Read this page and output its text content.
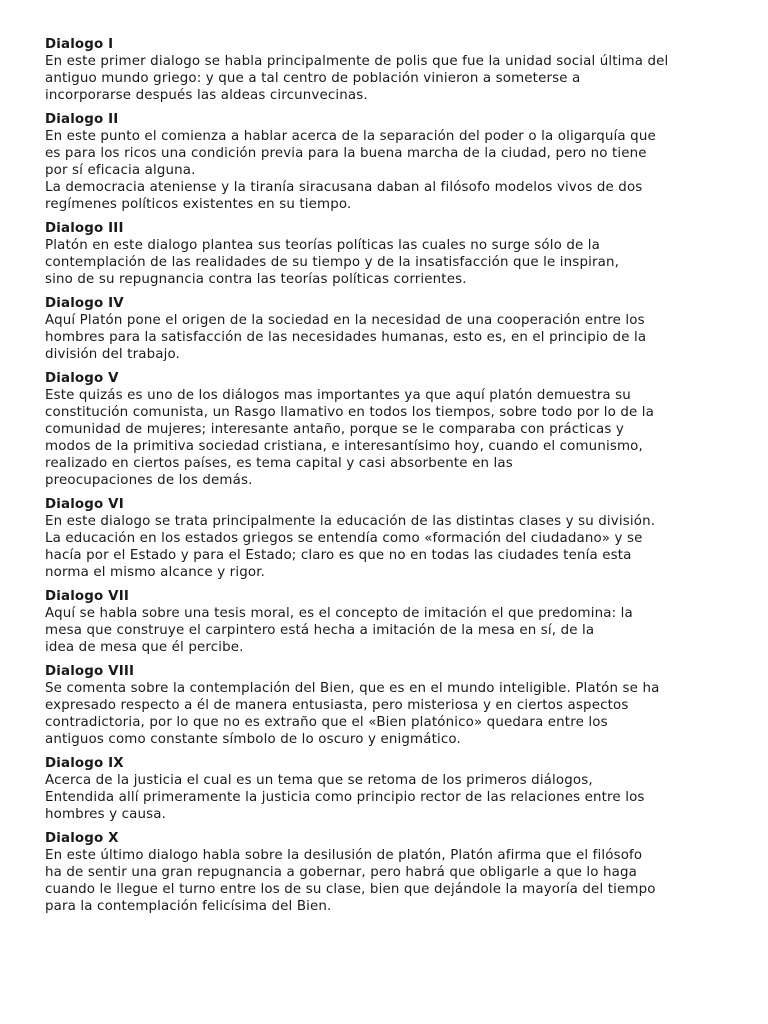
Dialogo I

En este primer dialogo se habla principalmente de polis que fue la unidad social última del
antiguo mundo griego: y que a tal centro de población vinieron a someterse a
incorporarse después las aldeas circunvecinas.

Dialogo II

En este punto el comienza a hablar acerca de la separación del poder o la oligarquía que
es para los ricos una condición previa para la buena marcha de la ciudad, pero no tiene
por sí eficacia alguna.

La democracia ateniense y la tiranía siracusana daban al filósofo modelos vivos de dos
regímenes políticos existentes en su tiempo.

Dialogo III

Platón en este dialogo plantea sus teorías políticas las cuales no surge sólo de la
contemplación de las realidades de su tiempo y de la insatisfacción que le inspiran,
sino de su repugnancia contra las teorías políticas corrientes.

Dialogo IV

Aquí Platón pone el origen de la sociedad en la necesidad de una cooperación entre los
hombres para la satisfacción de las necesidades humanas, esto es, en el principio de la
división del trabajo.

Dialogo V

Este quizás es uno de los diálogos mas importantes ya que aquí platón demuestra su
constitución comunista, un Rasgo llamativo en todos los tiempos, sobre todo por lo de la
comunidad de mujeres; interesante antaño, porque se le comparaba con prácticas y
modos de la primitiva sociedad cristiana, e interesantísimo hoy, cuando el comunismo,
realizado en ciertos países, es tema capital y casi absorbente en las
preocupaciones de los demás.

Dialogo VI

En este dialogo se trata principalmente la educación de las distintas clases y su división.
La educación en los estados griegos se entendía como «formación del ciudadano» y se
hacía por el Estado y para el Estado; claro es que no en todas las ciudades tenía esta
norma el mismo alcance y rigor.

Dialogo VII

Aquí se habla sobre una tesis moral, es el concepto de imitación el que predomina: la
mesa que construye el carpintero está hecha a imitación de la mesa en sí, de la
idea de mesa que él percibe.

Dialogo VIII

Se comenta sobre la contemplación del Bien, que es en el mundo inteligible. Platón se ha
expresado respecto a él de manera entusiasta, pero misteriosa y en ciertos aspectos
contradictoria, por lo que no es extraño que el «Bien platónico» quedara entre los
antiguos como constante símbolo de lo oscuro y enigmático.

Dialogo IX

Acerca de la justicia el cual es un tema que se retoma de los primeros diálogos,
Entendida allí primeramente la justicia como principio rector de las relaciones entre los
hombres y causa.

Dialogo X

En este último dialogo habla sobre la desilusión de platón, Platón afirma que el filósofo
ha de sentir una gran repugnancia a gobernar, pero habrá que obligarle a que lo haga
cuando le llegue el turno entre los de su clase, bien que dejándole la mayoría del tiempo
para la contemplación felicísima del Bien.
